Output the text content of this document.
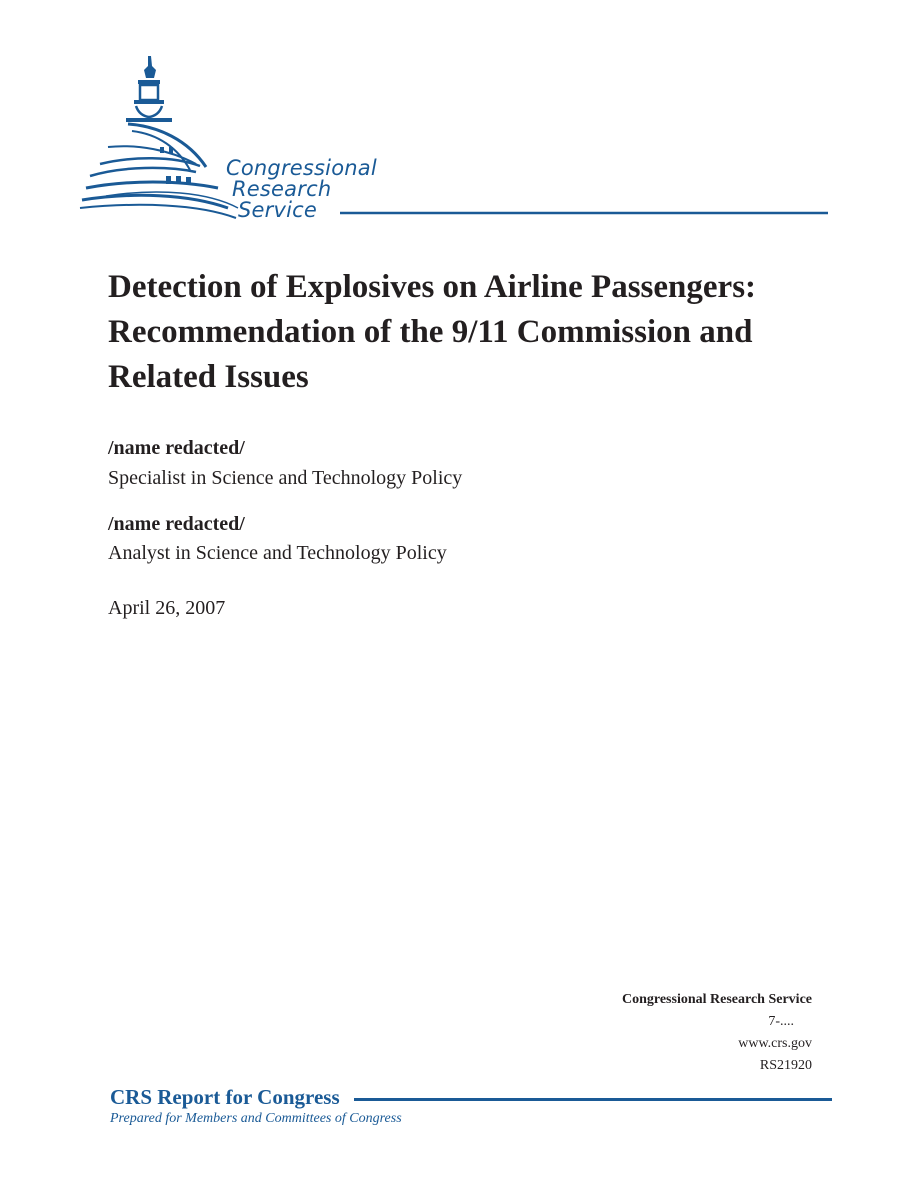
Congressional
Research
Service
Detection of Explosives on Airline Passengers: Recommendation of the 9/11 Commission and Related Issues
/name redacted/
Specialist in Science and Technology Policy
/name redacted/
Analyst in Science and Technology Policy
April 26, 2007
Congressional Research Service
7-....
www.crs.gov
RS21920
CRS Report for Congress
Prepared for Members and Committees of Congress
